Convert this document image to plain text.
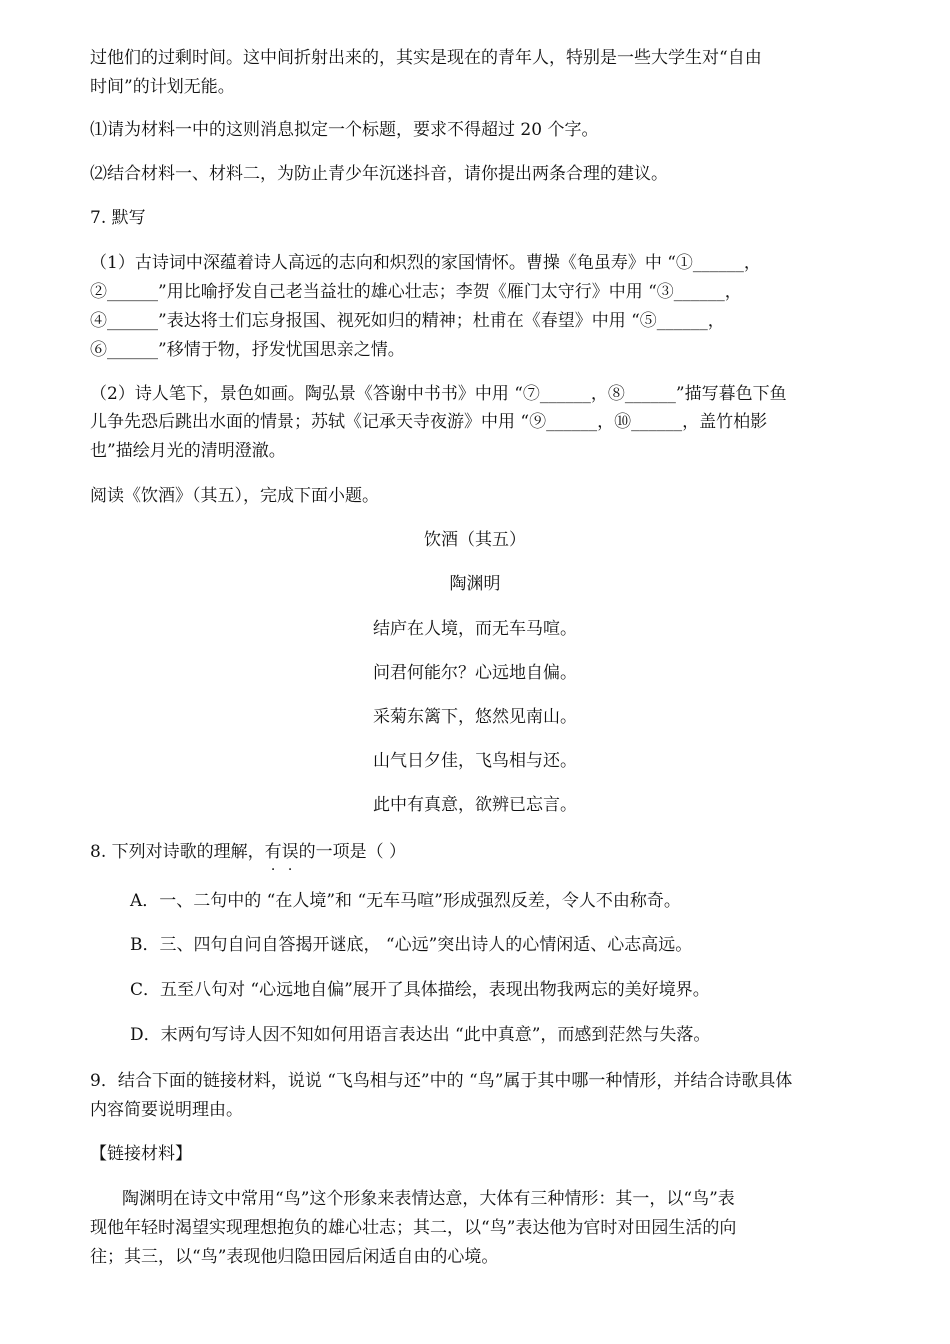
过他们的过剩时间。这中间折射出来的，其实是现在的青年人，特别是一些大学生对“自由
时间”的计划无能。
⑴请为材料一中的这则消息拟定一个标题，要求不得超过 20 个字。
⑵结合材料一、材料二，为防止青少年沉迷抖音，请你提出两条合理的建议。
7. 默写
（1）古诗词中深蕴着诗人高远的志向和炽烈的家国情怀。曹操《龟虽寿》中 “①______，
②______”用比喻抒发自己老当益壮的雄心壮志；李贺《雁门太守行》中用 “③______，
④______”表达将士们忘身报国、视死如归的精神；杜甫在《春望》中用 “⑤______，
⑥______”移情于物，抒发忧国思亲之情。
（2）诗人笔下，景色如画。陶弘景《答谢中书书》中用 “⑦______，⑧______”描写暮色下鱼
儿争先恐后跳出水面的情景；苏轼《记承天寺夜游》中用 “⑨______，⑩______，盖竹柏影
也”描绘月光的清明澄澈。
阅读《饮酒》（其五），完成下面小题。
饮酒（其五）
陶渊明
结庐在人境，而无车马喧。
问君何能尔？心远地自偏。
采菊东篱下，悠然见南山。
山气日夕佳，飞鸟相与还。
此中有真意，欲辨已忘言。
8. 下列对诗歌的理解，有误的一项是（ ）
A．一、二句中的 “在人境”和 “无车马喧”形成强烈反差，令人不由称奇。
B．三、四句自问自答揭开谜底， “心远”突出诗人的心情闲适、心志高远。
C．五至八句对 “心远地自偏”展开了具体描绘，表现出物我两忘的美好境界。
D．末两句写诗人因不知如何用语言表达出 “此中真意”，而感到茫然与失落。
9．结合下面的链接材料，说说 “飞鸟相与还”中的 “鸟”属于其中哪一种情形，并结合诗歌具体
内容简要说明理由。
【链接材料】
陶渊明在诗文中常用“鸟”这个形象来表情达意，大体有三种情形：其一，以“鸟”表
现他年轻时渴望实现理想抱负的雄心壮志；其二，以“鸟”表达他为官时对田园生活的向
往；其三，以“鸟”表现他归隐田园后闲适自由的心境。
